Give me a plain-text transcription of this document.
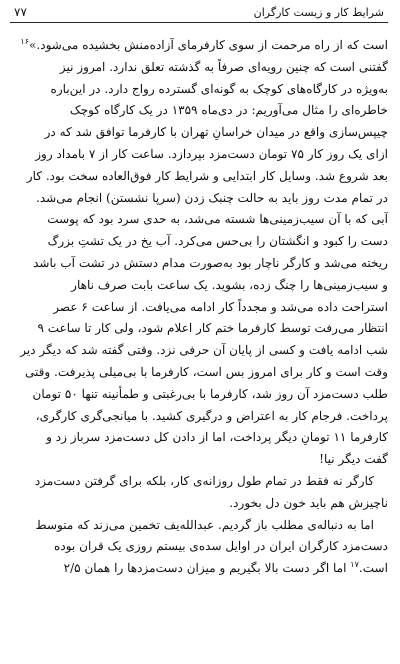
شرایط کار و زیست کارگران
۷۷
است که از راه مرحمت از سوی کارفرمای آزاده‌منش بخشیده می‌شود.»$^{۱۶}$
گفتنی است که چنین رویه‌ای صرفاً به گذشته تعلق ندارد. امروز نیز
به‌ویژه در کارگاه‌های کوچک به گونه‌ای گسترده رواج دارد. در این‌باره
خاطره‌ای را مثال می‌آوریم: در دی‌ماه ۱۳۵۹ در یک کارگاه کوچک
چیپس‌سازی واقع در میدان خراسانِ تهران با کارفرما توافق شد که در
ازای یک روز کار ۷۵ تومان دست‌مزد بپردازد. ساعت کار از ۷ بامداد روز
بعد شروع شد. وسایل کار ابتدایی و شرایط کار فوق‌العاده سخت بود. کار
در تمام مدت روز باید به حالت چنبک زدن (سرپا نشستن) انجام می‌شد.
آبی که با آن سیب‌زمینی‌ها شسته می‌شد، به حدی سرد بود که پوست
دست را کبود و انگشتان را بی‌حس می‌کرد. آب یخ در یک تشتِ بزرگ
ریخته می‌شد و کارگر ناچار بود به‌صورت مدام دستش در تشت آب باشد
و سیب‌زمینی‌ها را چنگ زده، بشوید. یک ساعت بابت صرف ناهار
استراحت داده می‌شد و مجدداً کار ادامه می‌یافت. از ساعت ۶ عصر
انتظار می‌رفت توسط کارفرما ختم کار اعلام شود، ولی کار تا ساعت ۹
شب ادامه یافت و کسی از پایان آن حرفی نزد. وقتی گفته شد که دیگر دیر
وقت است و کار برای امروز بس است، کارفرما با بی‌میلی پذیرفت. وقتی
طلب دست‌مزد آن روز شد، کارفرما با بی‌رغبتی و طمأنینه تنها ۵۰ تومان
پرداخت. فرجام کار به اعتراض و درگیری کشید. با میانجی‌گری کارگری،
کارفرما ۱۱ تومانِ دیگر پرداخت، اما از دادن کل دست‌مزد سرباز زد و
گفت دیگر نیا!
کارگر نه فقط در تمام طول روزانه‌ی کار، بلکه برای گرفتن دست‌مزد
ناچیزش هم باید خون دل بخورد.
اما به دنباله‌ی مطلب باز گردیم. عبدالله‌یف تخمین می‌زند که متوسط
دست‌مزد کارگران ایران در اوایل سده‌ی بیستم روزی یک قران بوده
است.$^{۱۷}$ اما اگر دست بالا بگیریم و میزان دست‌مزدها را همان ۲/۵
